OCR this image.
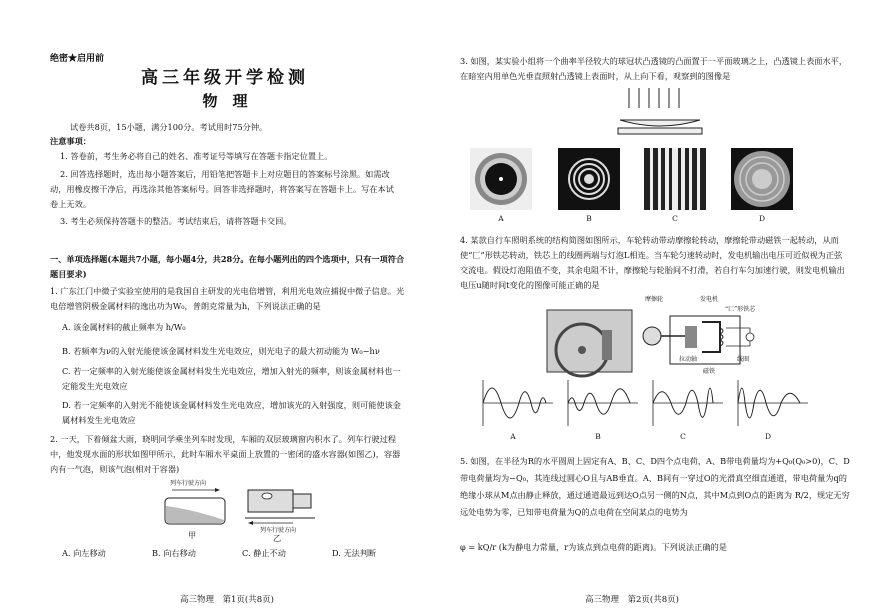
绝密★启用前
高三年级开学检测
物　理
试卷共8页，15小题，满分100分。考试用时75分钟。
注意事项：
1. 答卷前，考生务必将自己的姓名、准考证号等填写在答题卡指定位置上。
2. 回答选择题时，选出每小题答案后，用铅笔把答题卡上对应题目的答案标号涂黑。如需改动，用橡皮擦干净后，再选涂其他答案标号。回答非选择题时，将答案写在答题卡上。写在本试卷上无效。
3. 考生必须保持答题卡的整洁。考试结束后，请将答题卡交回。
一、单项选择题(本题共7小题，每小题4分，共28分。在每小题列出的四个选项中，只有一项符合题目要求)
1. 广东江门中微子实验室使用的是我国自主研发的光电倍增管，利用光电效应捕捉中微子信息。光电倍增管阴极金属材料的逸出功为W₀，普朗克常量为h，下列说法正确的是
A. 该金属材料的截止频率为 h/W₀
B. 若频率为ν的入射光能使该金属材料发生光电效应，则光电子的最大初动能为 W₀−hν
C. 若一定频率的入射光能使该金属材料发生光电效应，增加入射光的频率，则该金属材料也一定能发生光电效应
D. 若一定频率的入射光不能使该金属材料发生光电效应，增加该光的入射强度，则可能使该金属材料发生光电效应
2. 一天，下着倾盆大雨，晓明同学乘坐列车时发现，车厢的双层玻璃窗内积水了。列车行驶过程中，他发现水面的形状如图甲所示，此时车厢水平桌面上放置的一密闭的盛水容器(如图乙)，容器内有一气泡，则该气泡(相对于容器)
列车行驶方向
甲	列车行驶方向
乙
A. 向左移动	B. 向右移动	C. 静止不动	D. 无法判断
高三物理　第1页(共8页)
3. 如图，某实验小组将一个曲率半径较大的球冠状凸透镜的凸面置于一平面玻璃之上，凸透镜上表面水平，在暗室内用单色光垂直照射凸透镜上表面时，从上向下看，观察到的图像是
A	B	C	D
4. 某款自行车照明系统的结构简图如图所示，车轮转动带动摩擦轮转动，摩擦轮带动磁铁一起转动，从而使“匚”形铁芯转动，铁芯上的线圈两端与灯泡L相连。当车轮匀速转动时，发电机输出电压可近似视为正弦交流电。假设灯泡阻值不变，其余电阻不计，摩擦轮与轮胎间不打滑，若自行车匀加速行驶，则发电机输出电压u随时间t变化的图像可能正确的是
摩擦轮	发电机
“匚”形铁芯
拉动轴
磁铁
线圈
A	B	C	D
5. 如图，在半径为R的水平圆周上固定有A、B、C、D四个点电荷，A、B带电荷量均为+Q₀(Q₀>0)，C、D带电荷量均为−Q₀，其连线过圆心O且与AB垂直。A、B间有一穿过O的光滑真空细直通道，带电荷量为q的绝缘小球从M点由静止释放，通过通道最远到达O点另一侧的N点，其中M点到O点的距离为 R/2，规定无穷远处电势为零，已知带电荷量为Q的点电荷在空间某点的电势为
φ = kQ/r (k为静电力常量，r为该点到点电荷的距离)。下列说法正确的是
高三物理　第2页(共8页)
